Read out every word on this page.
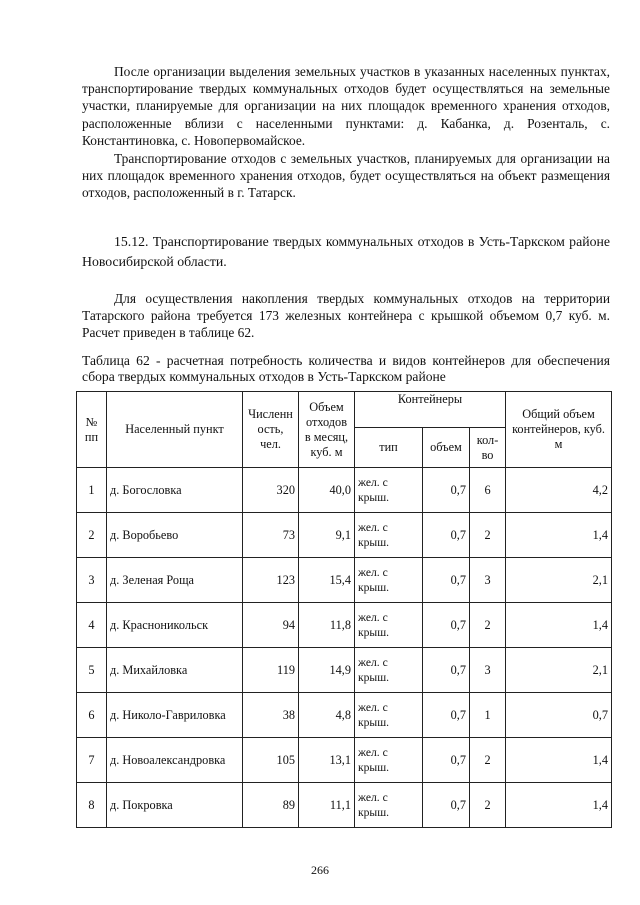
После организации выделения земельных участков в указанных населенных пунктах, транспортирование твердых коммунальных отходов будет осуществляться на земельные участки, планируемые для организации на них площадок временного хранения отходов, расположенные вблизи с населенными пунктами: д. Кабанка, д. Розенталь, с. Константиновка, с. Новопервомайское.

Транспортирование отходов с земельных участков, планируемых для организации на них площадок временного хранения отходов, будет осуществляться на объект размещения отходов, расположенный в г. Татарск.

15.12. Транспортирование твердых коммунальных отходов в Усть-Таркском районе Новосибирской области.

Для осуществления накопления твердых коммунальных отходов на территории Татарского района требуется 173 железных контейнера с крышкой объемом 0,7 куб. м. Расчет приведен в таблице 62.

Таблица 62 - расчетная потребность количества и видов контейнеров для обеспечения сбора твердых коммунальных отходов в Усть-Таркском районе

№ пп	Населенный пункт	Численн ость, чел.	Объем отходов в месяц, куб. м	Контейнеры			Общий объем контейнеров, куб. м
				тип	объем	кол-во	
1	д. Богословка	320	40,0	жел. с крыш.	0,7	6	4,2
2	д. Воробьево	73	9,1	жел. с крыш.	0,7	2	1,4
3	д. Зеленая Роща	123	15,4	жел. с крыш.	0,7	3	2,1
4	д. Красноникольск	94	11,8	жел. с крыш.	0,7	2	1,4
5	д. Михайловка	119	14,9	жел. с крыш.	0,7	3	2,1
6	д. Николо-Гавриловка	38	4,8	жел. с крыш.	0,7	1	0,7
7	д. Новоалександровка	105	13,1	жел. с крыш.	0,7	2	1,4
8	д. Покровка	89	11,1	жел. с крыш.	0,7	2	1,4
266
